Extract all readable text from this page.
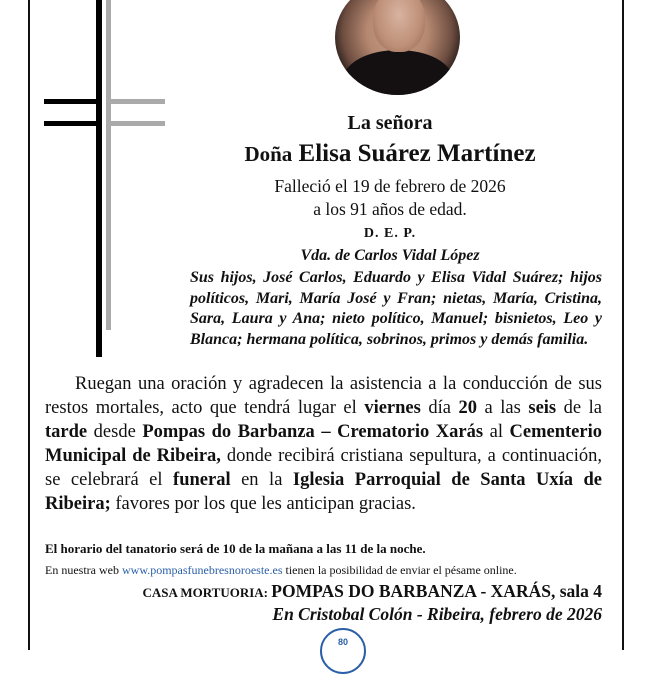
La señora
Doña Elisa Suárez Martínez
Falleció el 19 de febrero de 2026
a los 91 años de edad.
D. E. P.
Vda. de Carlos Vidal López

Sus hijos, José Carlos, Eduardo y Elisa Vidal Suárez; hijos políticos, Mari, María José y Fran; nietas, María, Cristina, Sara, Laura y Ana; nieto político, Manuel; bisnietos, Leo y Blanca; hermana política, sobrinos, primos y demás familia.

Ruegan una oración y agradecen la asistencia a la conducción de sus restos mortales, acto que tendrá lugar el viernes día 20 a las seis de la tarde desde Pompas do Barbanza – Crematorio Xarás al Cementerio Municipal de Ribeira, donde recibirá cristiana sepultura, a continuación, se celebrará el funeral en la Iglesia Parroquial de Santa Uxía de Ribeira; favores por los que les anticipan gracias.

El horario del tanatorio será de 10 de la mañana a las 11 de la noche.
En nuestra web www.pompasfunebresnoroeste.es tienen la posibilidad de enviar el pésame online.
CASA MORTUORIA: POMPAS DO BARBANZA - XARÁS, sala 4
En Cristobal Colón - Ribeira, febrero de 2026
80
